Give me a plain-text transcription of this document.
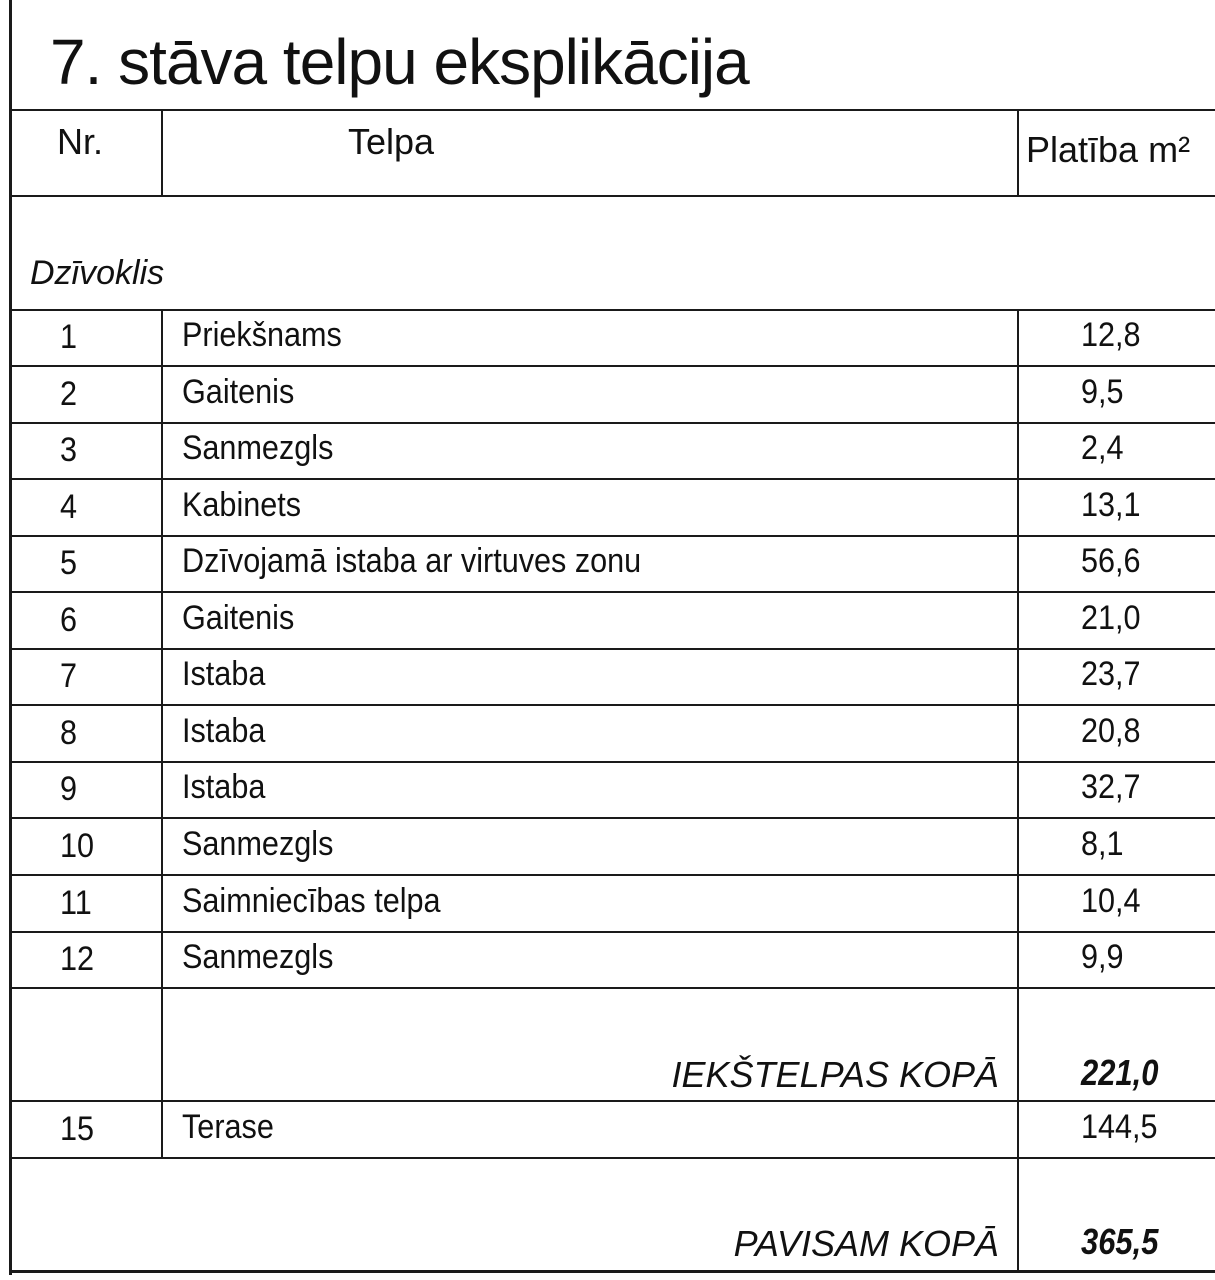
7. stāva telpu eksplikācija
Nr.	Telpa	Platība m²
Dzīvoklis
1	Priekšnams	12,8
2	Gaitenis	9,5
3	Sanmezgls	2,4
4	Kabinets	13,1
5	Dzīvojamā istaba ar virtuves zonu	56,6
6	Gaitenis	21,0
7	Istaba	23,7
8	Istaba	20,8
9	Istaba	32,7
10	Sanmezgls	8,1
11	Saimniecības telpa	10,4
12	Sanmezgls	9,9
IEKŠTELPAS KOPĀ 221,0
15	Terase	144,5
PAVISAM KOPĀ 365,5
